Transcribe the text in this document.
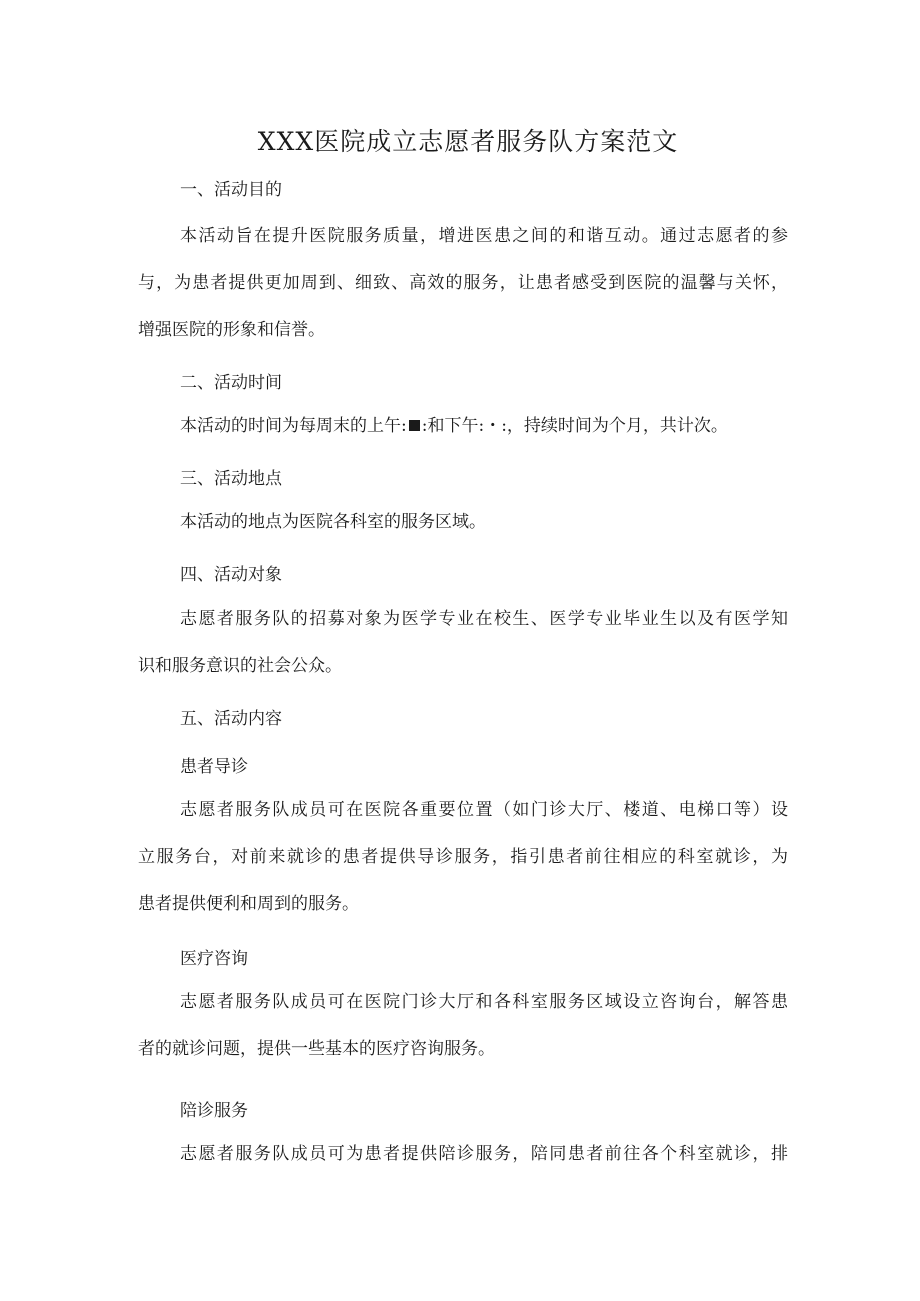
XXX医院成立志愿者服务队方案范文
一、活动目的
本活动旨在提升医院服务质量，增进医患之间的和谐互动。通过志愿者的参
与，为患者提供更加周到、细致、高效的服务，让患者感受到医院的温馨与关怀，
增强医院的形象和信誉。
二、活动时间
本活动的时间为每周末的上午: :和下午:・:，持续时间为个月，共计次。
三、活动地点
本活动的地点为医院各科室的服务区域。
四、活动对象
志愿者服务队的招募对象为医学专业在校生、医学专业毕业生以及有医学知
识和服务意识的社会公众。
五、活动内容
患者导诊
志愿者服务队成员可在医院各重要位置（如门诊大厅、楼道、电梯口等）设
立服务台，对前来就诊的患者提供导诊服务，指引患者前往相应的科室就诊，为
患者提供便利和周到的服务。
医疗咨询
志愿者服务队成员可在医院门诊大厅和各科室服务区域设立咨询台，解答患
者的就诊问题，提供一些基本的医疗咨询服务。
陪诊服务
志愿者服务队成员可为患者提供陪诊服务，陪同患者前往各个科室就诊，排
